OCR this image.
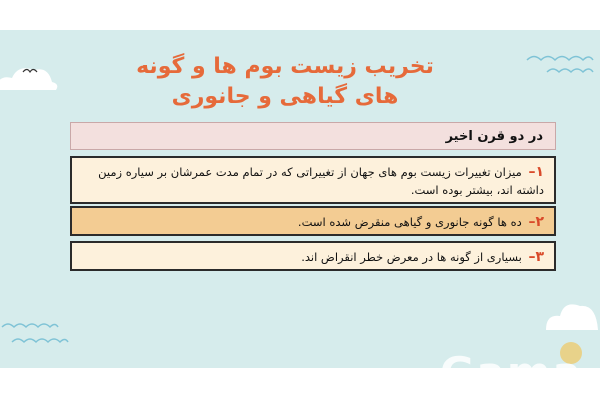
تخریب زیست بوم ها و گونه های گیاهی و جانوری
در دو قرن اخیر
۱– میزان تغییرات زیست بوم های جهان از تغییراتی که در تمام مدت عمرشان بر سیاره زمین داشته اند، بیشتر بوده است.
۲– ده ها گونه جانوری و گیاهی منقرض شده است.
۳– بسیاری از گونه ها در معرض خطر انقراض اند.
Gama
